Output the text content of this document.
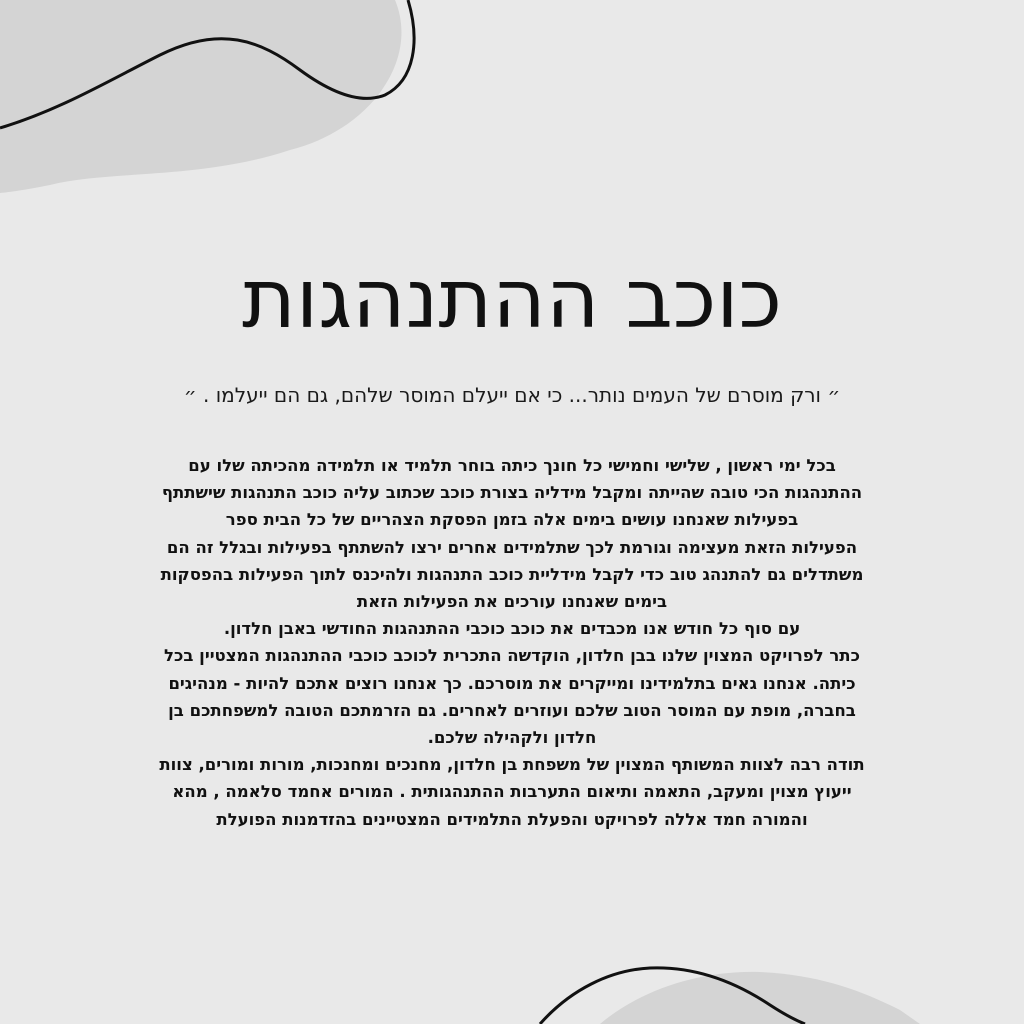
כוכב ההתנהגות

״ ורק מוסרם של העמים נותר... כי אם ייעלם המוסר שלהם, גם הם ייעלמו . ״

בכל ימי ראשון , שלישי וחמישי כל חונך כיתה בוחר תלמיד או תלמידה מהכיתה שלו עם
ההתנהגות הכי טובה שהייתה ומקבל מידליה בצורת כוכב שכתוב עליה כוכב התנהגות שישתתף
בפעילות שאנחנו עושים בימים אלה בזמן הפסקת הצהריים של כל הבית ספר
הפעילות הזאת מעצימה וגורמת לכך שתלמידים אחרים ירצו להשתתף בפעילות ובגלל זה הם
משתדלים גם להתנהג טוב כדי לקבל מידליית כוכב התנהגות ולהיכנס לתוך הפעילות בהפסקות
בימים שאנחנו עורכים את הפעילות הזאת
עם סוף כל חודש אנו מכבדים את כוכב כוכבי ההתנהגות החודשי באבן חלדון.
כתר לפרויקט המצוין שלנו בבן חלדון, הוקדשה התכרית לכוכב כוכבי ההתנהגות המצטיין בכל
כיתה. אנחנו גאים בתלמידינו ומייקרים את מוסרכם. כך אנחנו רוצים אתכם להיות - מנהיגים
בחברה, מופת עם המוסר הטוב שלכם ועוזרים לאחרים. גם הזרמתכם הטובה למשפחתכם בן
חלדון ולקהילה שלכם.
תודה רבה לצוות המשותף המצוין של משפחת בן חלדון, מחנכים ומחנכות, מורות ומורים, צוות
ייעוץ מצוין ומעקב, התאמה ותיאום התערבות ההתנהגותית . המורים אחמד סלאמה , מהא
והמורה חמד אללה לפרויקט והפעלת התלמידים המצטיינים בהזדמנות הפועלת
